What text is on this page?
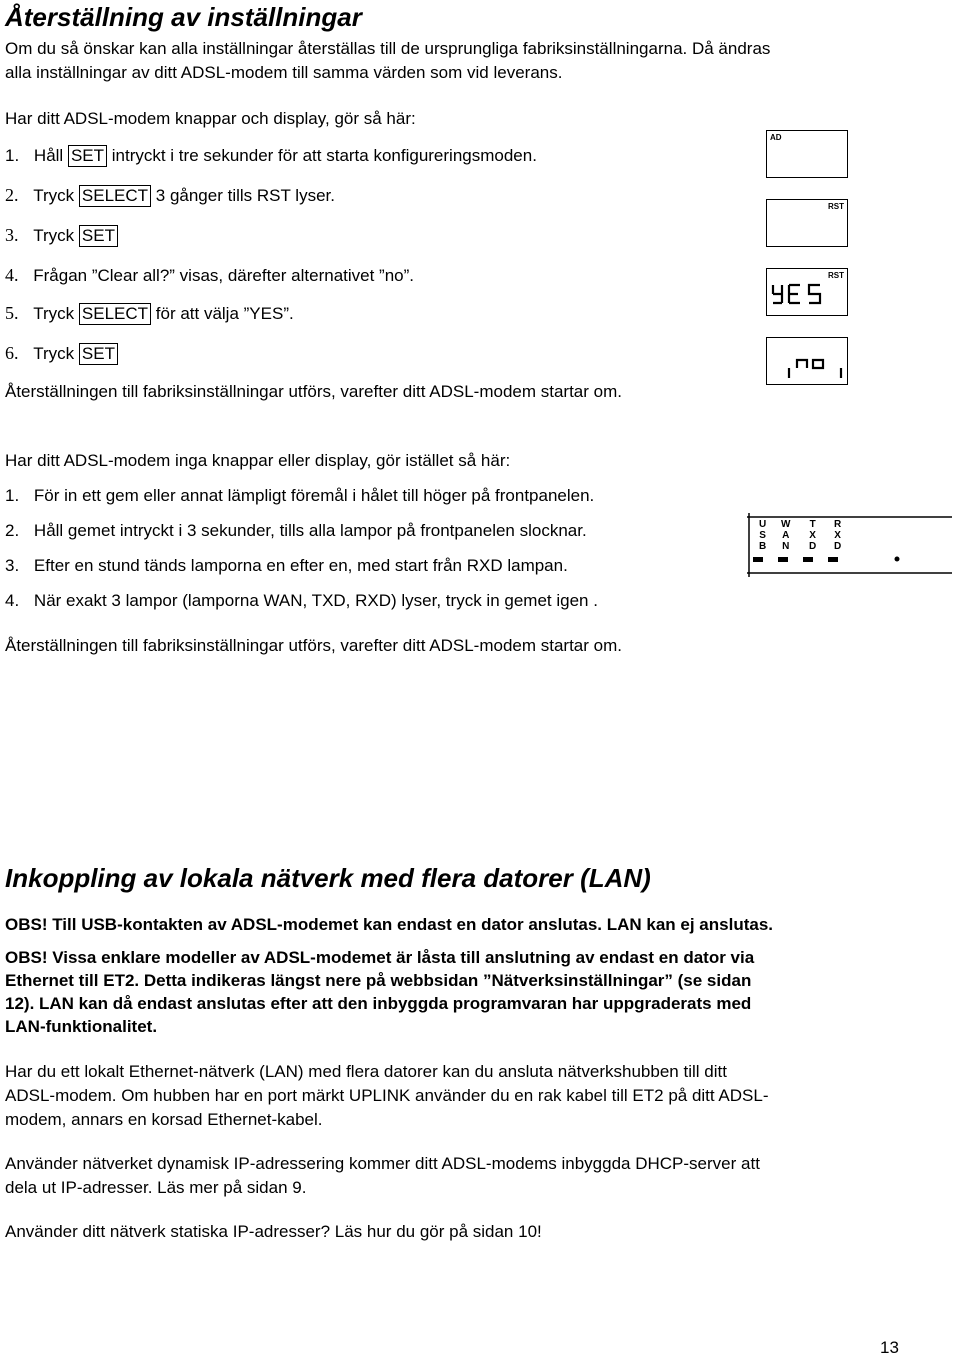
Återställning av inställningar
Om du så önskar kan alla inställningar återställas till de ursprungliga fabriksinställningarna. Då ändras
alla inställningar av ditt ADSL-modem till samma värden som vid leverans.
Har ditt ADSL-modem knappar och display, gör så här:
1. Håll SET intryckt i tre sekunder för att starta konfigureringsmoden.
2. Tryck SELECT 3 gånger tills RST lyser.
3. Tryck SET
4. Frågan ”Clear all?” visas, därefter alternativet ”no”.
5. Tryck SELECT för att välja ”YES”.
6. Tryck SET
Återställningen till fabriksinställningar utförs, varefter ditt ADSL-modem startar om.
AD
RST
RST
Har ditt ADSL-modem inga knappar eller display, gör istället så här:
1. För in ett gem eller annat lämpligt föremål i hålet till höger på frontpanelen.
2. Håll gemet intryckt i 3 sekunder, tills alla lampor på frontpanelen slocknar.
3. Efter en stund tänds lamporna en efter en, med start från RXD lampan.
4. När exakt 3 lampor (lamporna WAN, TXD, RXD) lyser, tryck in gemet igen .
U
S
B
W
A
N
T
X
D
R
X
D
Återställningen till fabriksinställningar utförs, varefter ditt ADSL-modem startar om.
Inkoppling av lokala nätverk med flera datorer (LAN)
OBS! Till USB-kontakten av ADSL-modemet kan endast en dator anslutas. LAN kan ej anslutas.
OBS! Vissa enklare modeller av ADSL-modemet är låsta till anslutning av endast en dator via
Ethernet till ET2. Detta indikeras längst nere på webbsidan ”Nätverksinställningar” (se sidan
12). LAN kan då endast anslutas efter att den inbyggda programvaran har uppgraderats med
LAN-funktionalitet.
Har du ett lokalt Ethernet-nätverk (LAN) med flera datorer kan du ansluta nätverkshubben till ditt
ADSL-modem. Om hubben har en port märkt UPLINK använder du en rak kabel till ET2 på ditt ADSL-
modem, annars en korsad Ethernet-kabel.
Använder nätverket dynamisk IP-adressering kommer ditt ADSL-modems inbyggda DHCP-server att
dela ut IP-adresser. Läs mer på sidan 9.
Använder ditt nätverk statiska IP-adresser? Läs hur du gör på sidan 10!
13
